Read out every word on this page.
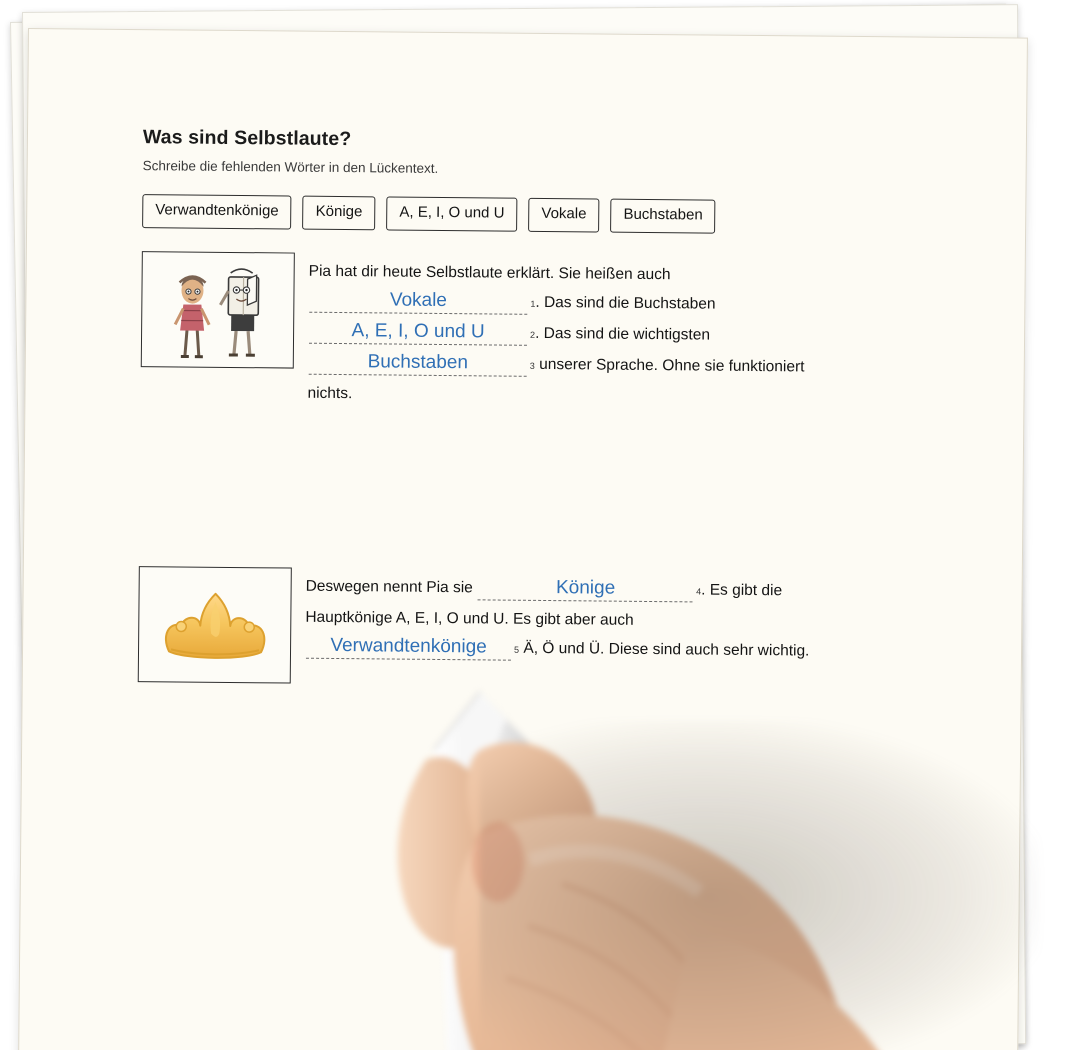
Was sind Selbstlaute?

Schreibe die fehlenden Wörter in den Lückentext.

Verwandtenkönige	Könige	A, E, I, O und U	Vokale	Buchstaben
Pia hat dir heute Selbstlaute erklärt. Sie heißen auch
Vokale	1. Das sind die Buchstaben
A, E, I, O und U	2. Das sind die wichtigsten
Buchstaben	3 unserer Sprache. Ohne sie funktioniert
nichts.
Deswegen nennt Pia sie	Könige	4. Es gibt die
Hauptkönige A, E, I, O und U. Es gibt aber auch
Verwandtenkönige	5 Ä, Ö und Ü. Diese sind auch sehr wichtig.
